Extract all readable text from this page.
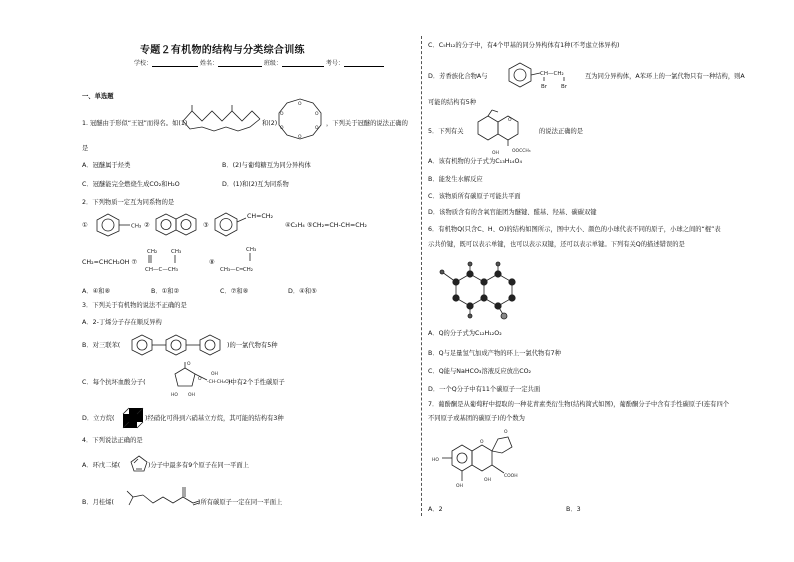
专题２有机物的结构与分类综合训练
学校：	姓名：	班级：	考号：
一、单选题
1. 冠醚由于形似“王冠”而得名。如(1)	和(2)
O
O
O
O
O
O
，下列关于冠醚的说法正确的
是
A．冠醚属于烃类	B．(2)与葡萄糖互为同分异构体
C．冠醚能完全燃烧生成CO₂和H₂O	D．(1)和(2)互为同系物
2．下列物质一定互为同系物的是
①	CH₃ ②	③
CH=CH₂
④C₂H₄ ⑤CH₂=CH-CH=CH₂
CH₂=CHCH₂OH ⑦
CH₂	CH₃
CH—C—CH₃
⑧
CH₃
CH₃—C═CH₂
A．④和⑧	B．①和②	C．⑦和⑧	D．④和⑤
3．下列关于有机物的说法不正确的是
A．2-丁烯分子存在顺反异构
B．对三联苯(	)的一氯代物有5种
C．每个抗坏血酸分子(
O
O
-CH-CH₂OH
OH
HO OH
)中有2个手性碳原子
D．立方烷(	)经硝化可得到六硝基立方烷，其可能的结构有3种
4．下列说法正确的是
A．环戊二烯(	)分子中最多有9个原子在同一平面上
B．月桂烯(	)所有碳原子一定在同一平面上
C．C₅H₁₂的分子中，有4个甲基的同分异构体有1种(不考虑立体异构)
D．芳香族化合物A与	CH—CH₂
Br	Br
互为同分异构体，A苯环上的一氯代物只有一种结构，则A
可能的结构有5种
5．下列有关
O
OH	OOCCH₃
的说法正确的是
A．该有机物的分子式为C₁₃H₁₄O₄
B．能发生水解反应
C．该物质所有碳原子可能共平面
D．该物质含有的含氧官能团为醚键、醛基、羟基、碳碳双键
6．有机物Q(只含C、H、O)的结构如图所示，图中大小、颜色的小球代表不同的原子，小球之间的“棍”表
示共价键，既可以表示单键，也可以表示双键，还可以表示单键。下列有关Q的描述错误的是
A．Q的分子式为C₁₂H₁₂O₂
B．Q与足量氢气加成产物的环上一氯代物有7种
C．Q能与NaHCO₃溶液反应放出CO₂
D．一个Q分子中有11个碳原子一定共面
7．葡酚酮是从葡萄籽中提取的一种花青素类衍生物(结构简式如图)，葡酚酮分子中含有手性碳原子(连有四个
不同原子或基团的碳原子)的个数为
HO
OH
O
O
OH
COOH
A．2	B．3
